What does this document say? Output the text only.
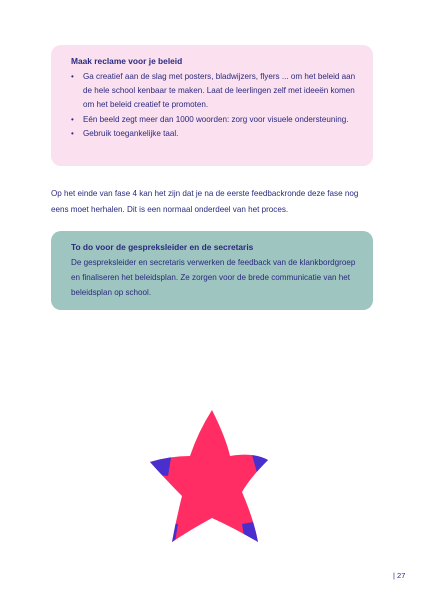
Maak reclame voor je beleid

• Ga creatief aan de slag met posters, bladwijzers, flyers ... om het beleid aan de hele school kenbaar te maken. Laat de leerlingen zelf met ideeën komen om het beleid creatief te promoten.
• Eén beeld zegt meer dan 1000 woorden: zorg voor visuele ondersteuning.
• Gebruik toegankelijke taal.

Op het einde van fase 4 kan het zijn dat je na de eerste feedbackronde deze fase nog eens moet herhalen. Dit is een normaal onderdeel van het proces.

To do voor de gespreksleider en de secretaris

De gespreksleider en secretaris verwerken de feedback van de klankbordgroep en finaliseren het beleidsplan. Ze zorgen voor de brede communicatie van het beleidsplan op school.

| 27
